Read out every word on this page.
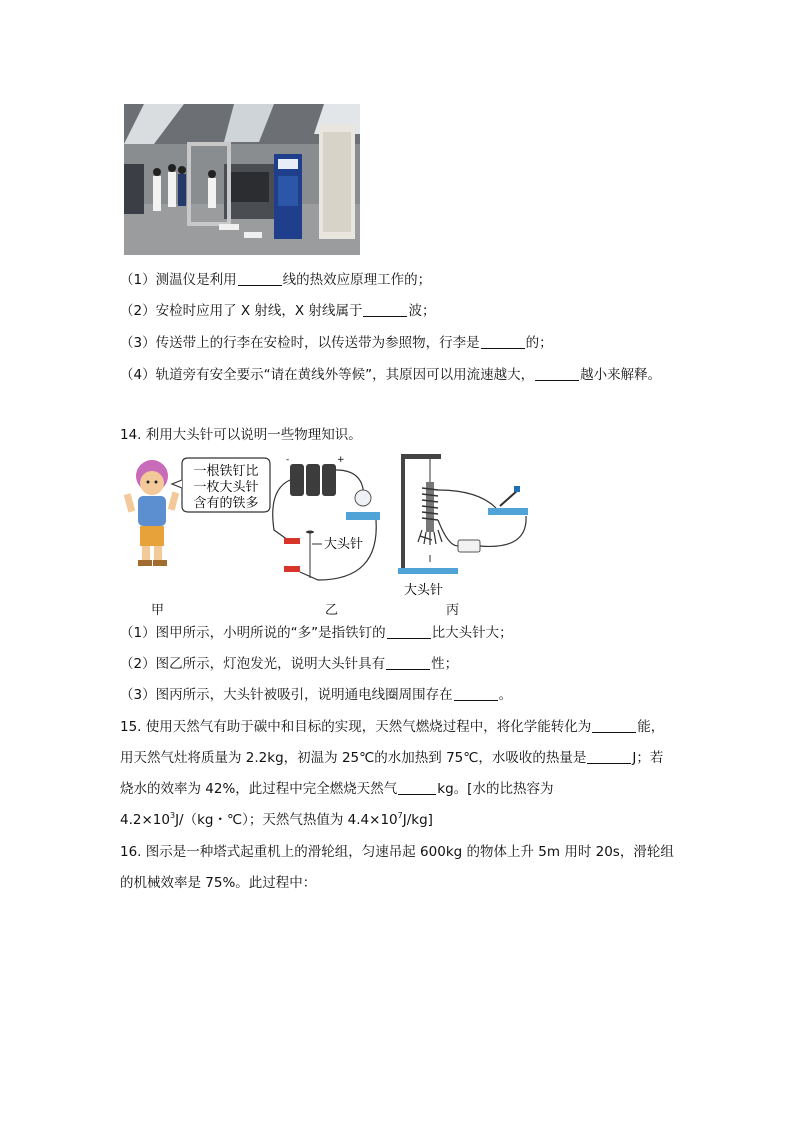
（1）测温仪是利用	线的热效应原理工作的；
（2）安检时应用了 X 射线，X 射线属于	波；
（3）传送带上的行李在安检时，以传送带为参照物，行李是	的；
（4）轨道旁有安全要示“请在黄线外等候”，其原因可以用流速越大，	越小来解释。
14. 利用大头针可以说明一些物理知识。
一根铁钉比
一枚大头针
含有的铁多
-	+
大头针
大头针
甲	乙	丙
（1）图甲所示，小明所说的“多”是指铁钉的	比大头针大；
（2）图乙所示，灯泡发光，说明大头针具有	性；
（3）图丙所示，大头针被吸引，说明通电线圈周围存在	。
15. 使用天然气有助于碳中和目标的实现，天然气燃烧过程中，将化学能转化为	能，
用天然气灶将质量为 2.2kg，初温为 25℃的水加热到 75℃，水吸收的热量是	J；若
烧水的效率为 42%，此过程中完全燃烧天然气	kg。[水的比热容为
$4.2\times 10^3J/(kg$・℃）；天然气热值为 $4.4\times 10^7J/kg$]
16. 图示是一种塔式起重机上的滑轮组，匀速吊起 600kg 的物体上升 5m 用时 20s，滑轮组
的机械效率是 75%。此过程中：
